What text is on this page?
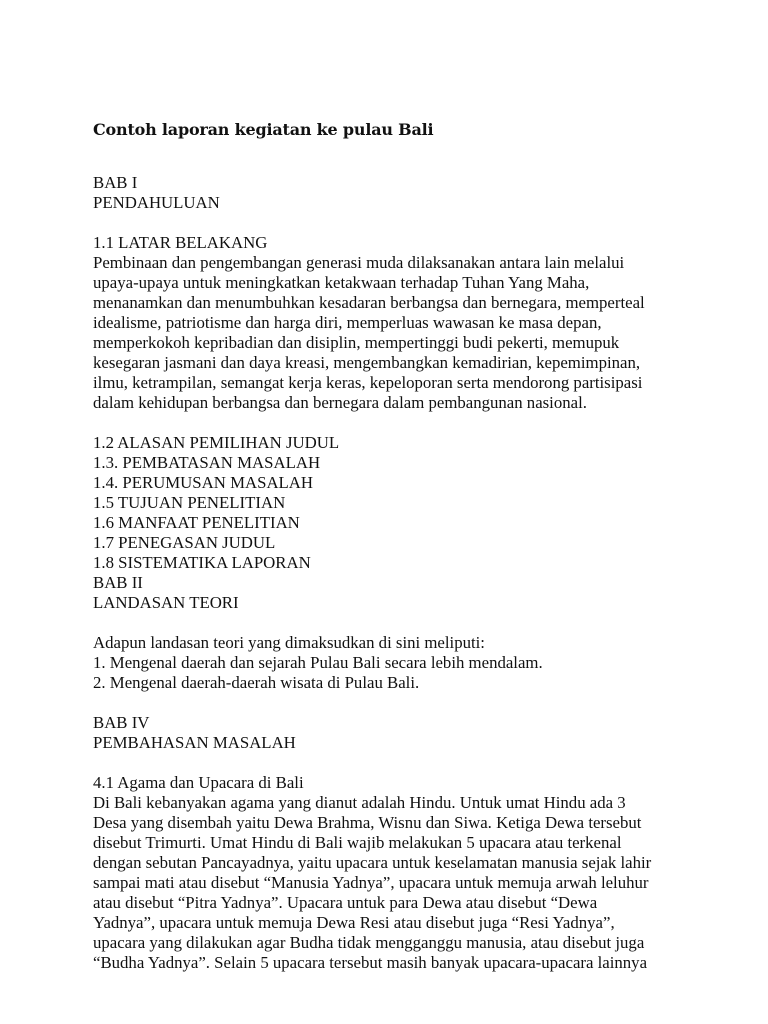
Contoh laporan kegiatan ke pulau Bali

BAB I

PENDAHULUAN

1.1 LATAR BELAKANG

Pembinaan dan pengembangan generasi muda dilaksanakan antara lain melalui

upaya-upaya untuk meningkatkan ketakwaan terhadap Tuhan Yang Maha,

menanamkan dan menumbuhkan kesadaran berbangsa dan bernegara, memperteal

idealisme, patriotisme dan harga diri, memperluas wawasan ke masa depan,

memperkokoh kepribadian dan disiplin, mempertinggi budi pekerti, memupuk

kesegaran jasmani dan daya kreasi, mengembangkan kemadirian, kepemimpinan,

ilmu, ketrampilan, semangat kerja keras, kepeloporan serta mendorong partisipasi

dalam kehidupan berbangsa dan bernegara dalam pembangunan nasional.

1.2 ALASAN PEMILIHAN JUDUL

1.3. PEMBATASAN MASALAH

1.4. PERUMUSAN MASALAH

1.5 TUJUAN PENELITIAN

1.6 MANFAAT PENELITIAN

1.7 PENEGASAN JUDUL

1.8 SISTEMATIKA LAPORAN

BAB II

LANDASAN TEORI

Adapun landasan teori yang dimaksudkan di sini meliputi:

1. Mengenal daerah dan sejarah Pulau Bali secara lebih mendalam.

2. Mengenal daerah-daerah wisata di Pulau Bali.

BAB IV

PEMBAHASAN MASALAH

4.1 Agama dan Upacara di Bali

Di Bali kebanyakan agama yang dianut adalah Hindu. Untuk umat Hindu ada 3

Desa yang disembah yaitu Dewa Brahma, Wisnu dan Siwa. Ketiga Dewa tersebut

disebut Trimurti. Umat Hindu di Bali wajib melakukan 5 upacara atau terkenal

dengan sebutan Pancayadnya, yaitu upacara untuk keselamatan manusia sejak lahir

sampai mati atau disebut “Manusia Yadnya”, upacara untuk memuja arwah leluhur

atau disebut “Pitra Yadnya”. Upacara untuk para Dewa atau disebut “Dewa

Yadnya”, upacara untuk memuja Dewa Resi atau disebut juga “Resi Yadnya”,

upacara yang dilakukan agar Budha tidak mengganggu manusia, atau disebut juga

“Budha Yadnya”. Selain 5 upacara tersebut masih banyak upacara-upacara lainnya
